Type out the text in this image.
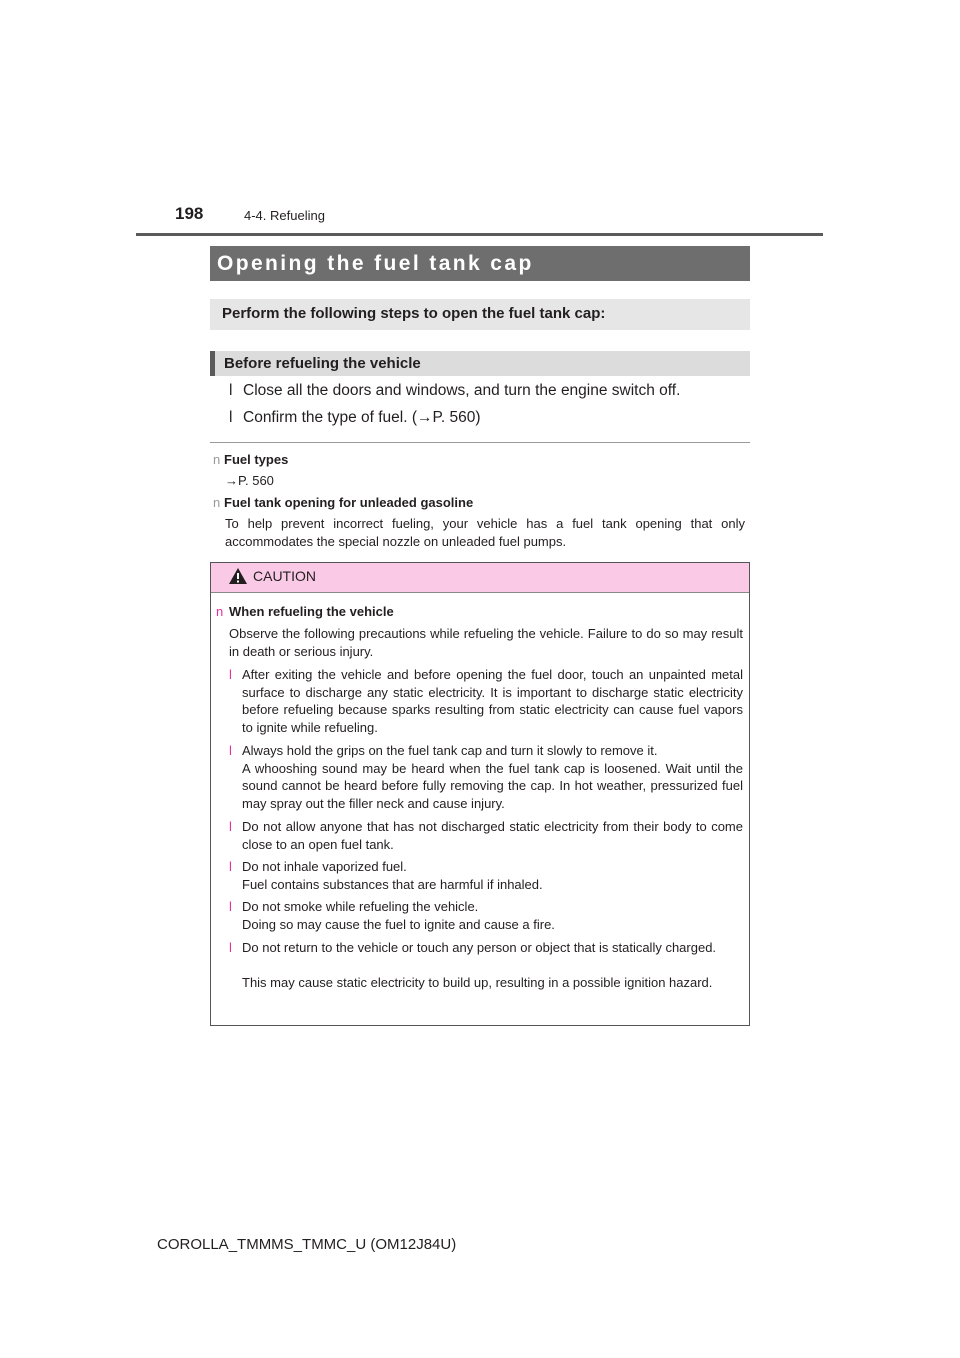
198	4-4. Refueling
Opening the fuel tank cap
Perform the following steps to open the fuel tank cap:
Before refueling the vehicle
l Close all the doors and windows, and turn the engine switch off.
l Confirm the type of fuel. (→P. 560)
n Fuel types
→P. 560
n Fuel tank opening for unleaded gasoline
To help prevent incorrect fueling, your vehicle has a fuel tank opening that only accommodates the special nozzle on unleaded fuel pumps.
CAUTION
n When refueling the vehicle
Observe the following precautions while refueling the vehicle. Failure to do so may result in death or serious injury.
l After exiting the vehicle and before opening the fuel door, touch an unpainted metal surface to discharge any static electricity. It is important to discharge static electricity before refueling because sparks resulting from static electricity can cause fuel vapors to ignite while refueling.
l Always hold the grips on the fuel tank cap and turn it slowly to remove it.
A whooshing sound may be heard when the fuel tank cap is loosened. Wait until the sound cannot be heard before fully removing the cap. In hot weather, pressurized fuel may spray out the filler neck and cause injury.
l Do not allow anyone that has not discharged static electricity from their body to come close to an open fuel tank.
l Do not inhale vaporized fuel.
Fuel contains substances that are harmful if inhaled.
l Do not smoke while refueling the vehicle.
Doing so may cause the fuel to ignite and cause a fire.
l Do not return to the vehicle or touch any person or object that is statically charged.
This may cause static electricity to build up, resulting in a possible ignition hazard.
COROLLA_TMMMS_TMMC_U (OM12J84U)
